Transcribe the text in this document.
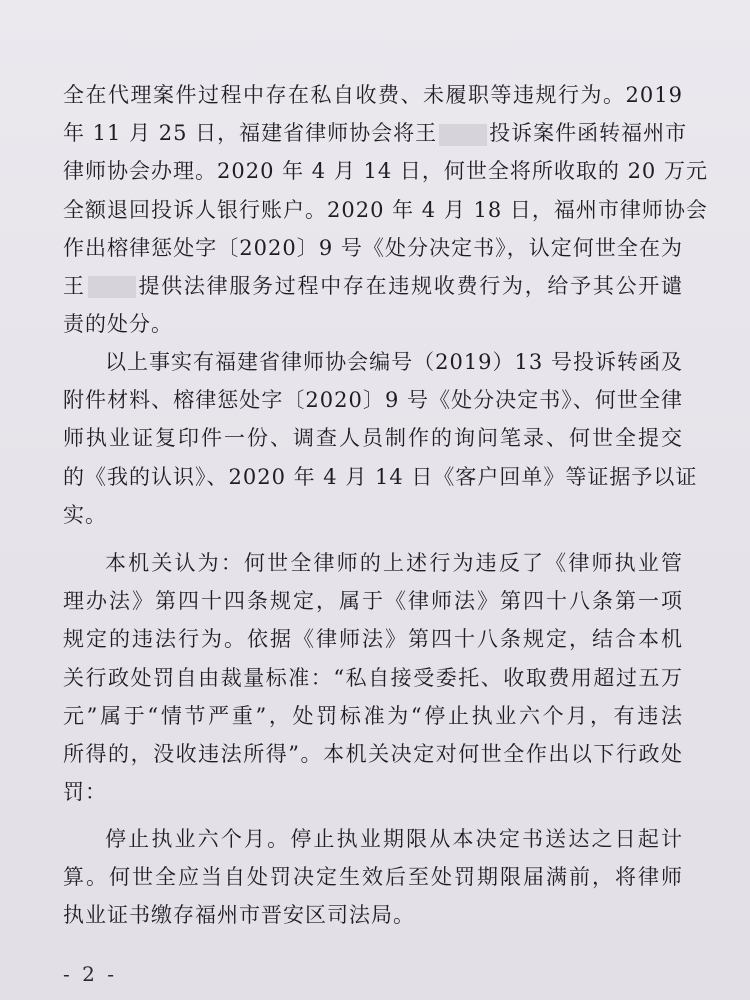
全在代理案件过程中存在私自收费、未履职等违规行为。2019
年 11 月 25 日，福建省律师协会将王 投诉案件函转福州市
律师协会办理。2020 年 4 月 14 日，何世全将所收取的 20 万元
全额退回投诉人银行账户。2020 年 4 月 18 日，福州市律师协会
作出榕律惩处字〔2020〕9 号《处分决定书》，认定何世全在为
王 提供法律服务过程中存在违规收费行为，给予其公开谴
责的处分。
以上事实有福建省律师协会编号（2019）13 号投诉转函及
附件材料、榕律惩处字〔2020〕9 号《处分决定书》、何世全律
师执业证复印件一份、调查人员制作的询问笔录、何世全提交
的《我的认识》、2020 年 4 月 14 日《客户回单》等证据予以证
实。
本机关认为：何世全律师的上述行为违反了《律师执业管
理办法》第四十四条规定，属于《律师法》第四十八条第一项
规定的违法行为。依据《律师法》第四十八条规定，结合本机
关行政处罚自由裁量标准：“私自接受委托、收取费用超过五万
元”属于“情节严重”，处罚标准为“停止执业六个月，有违法
所得的，没收违法所得”。本机关决定对何世全作出以下行政处
罚：
停止执业六个月。停止执业期限从本决定书送达之日起计
算。何世全应当自处罚决定生效后至处罚期限届满前，将律师
执业证书缴存福州市晋安区司法局。
- 2 -
